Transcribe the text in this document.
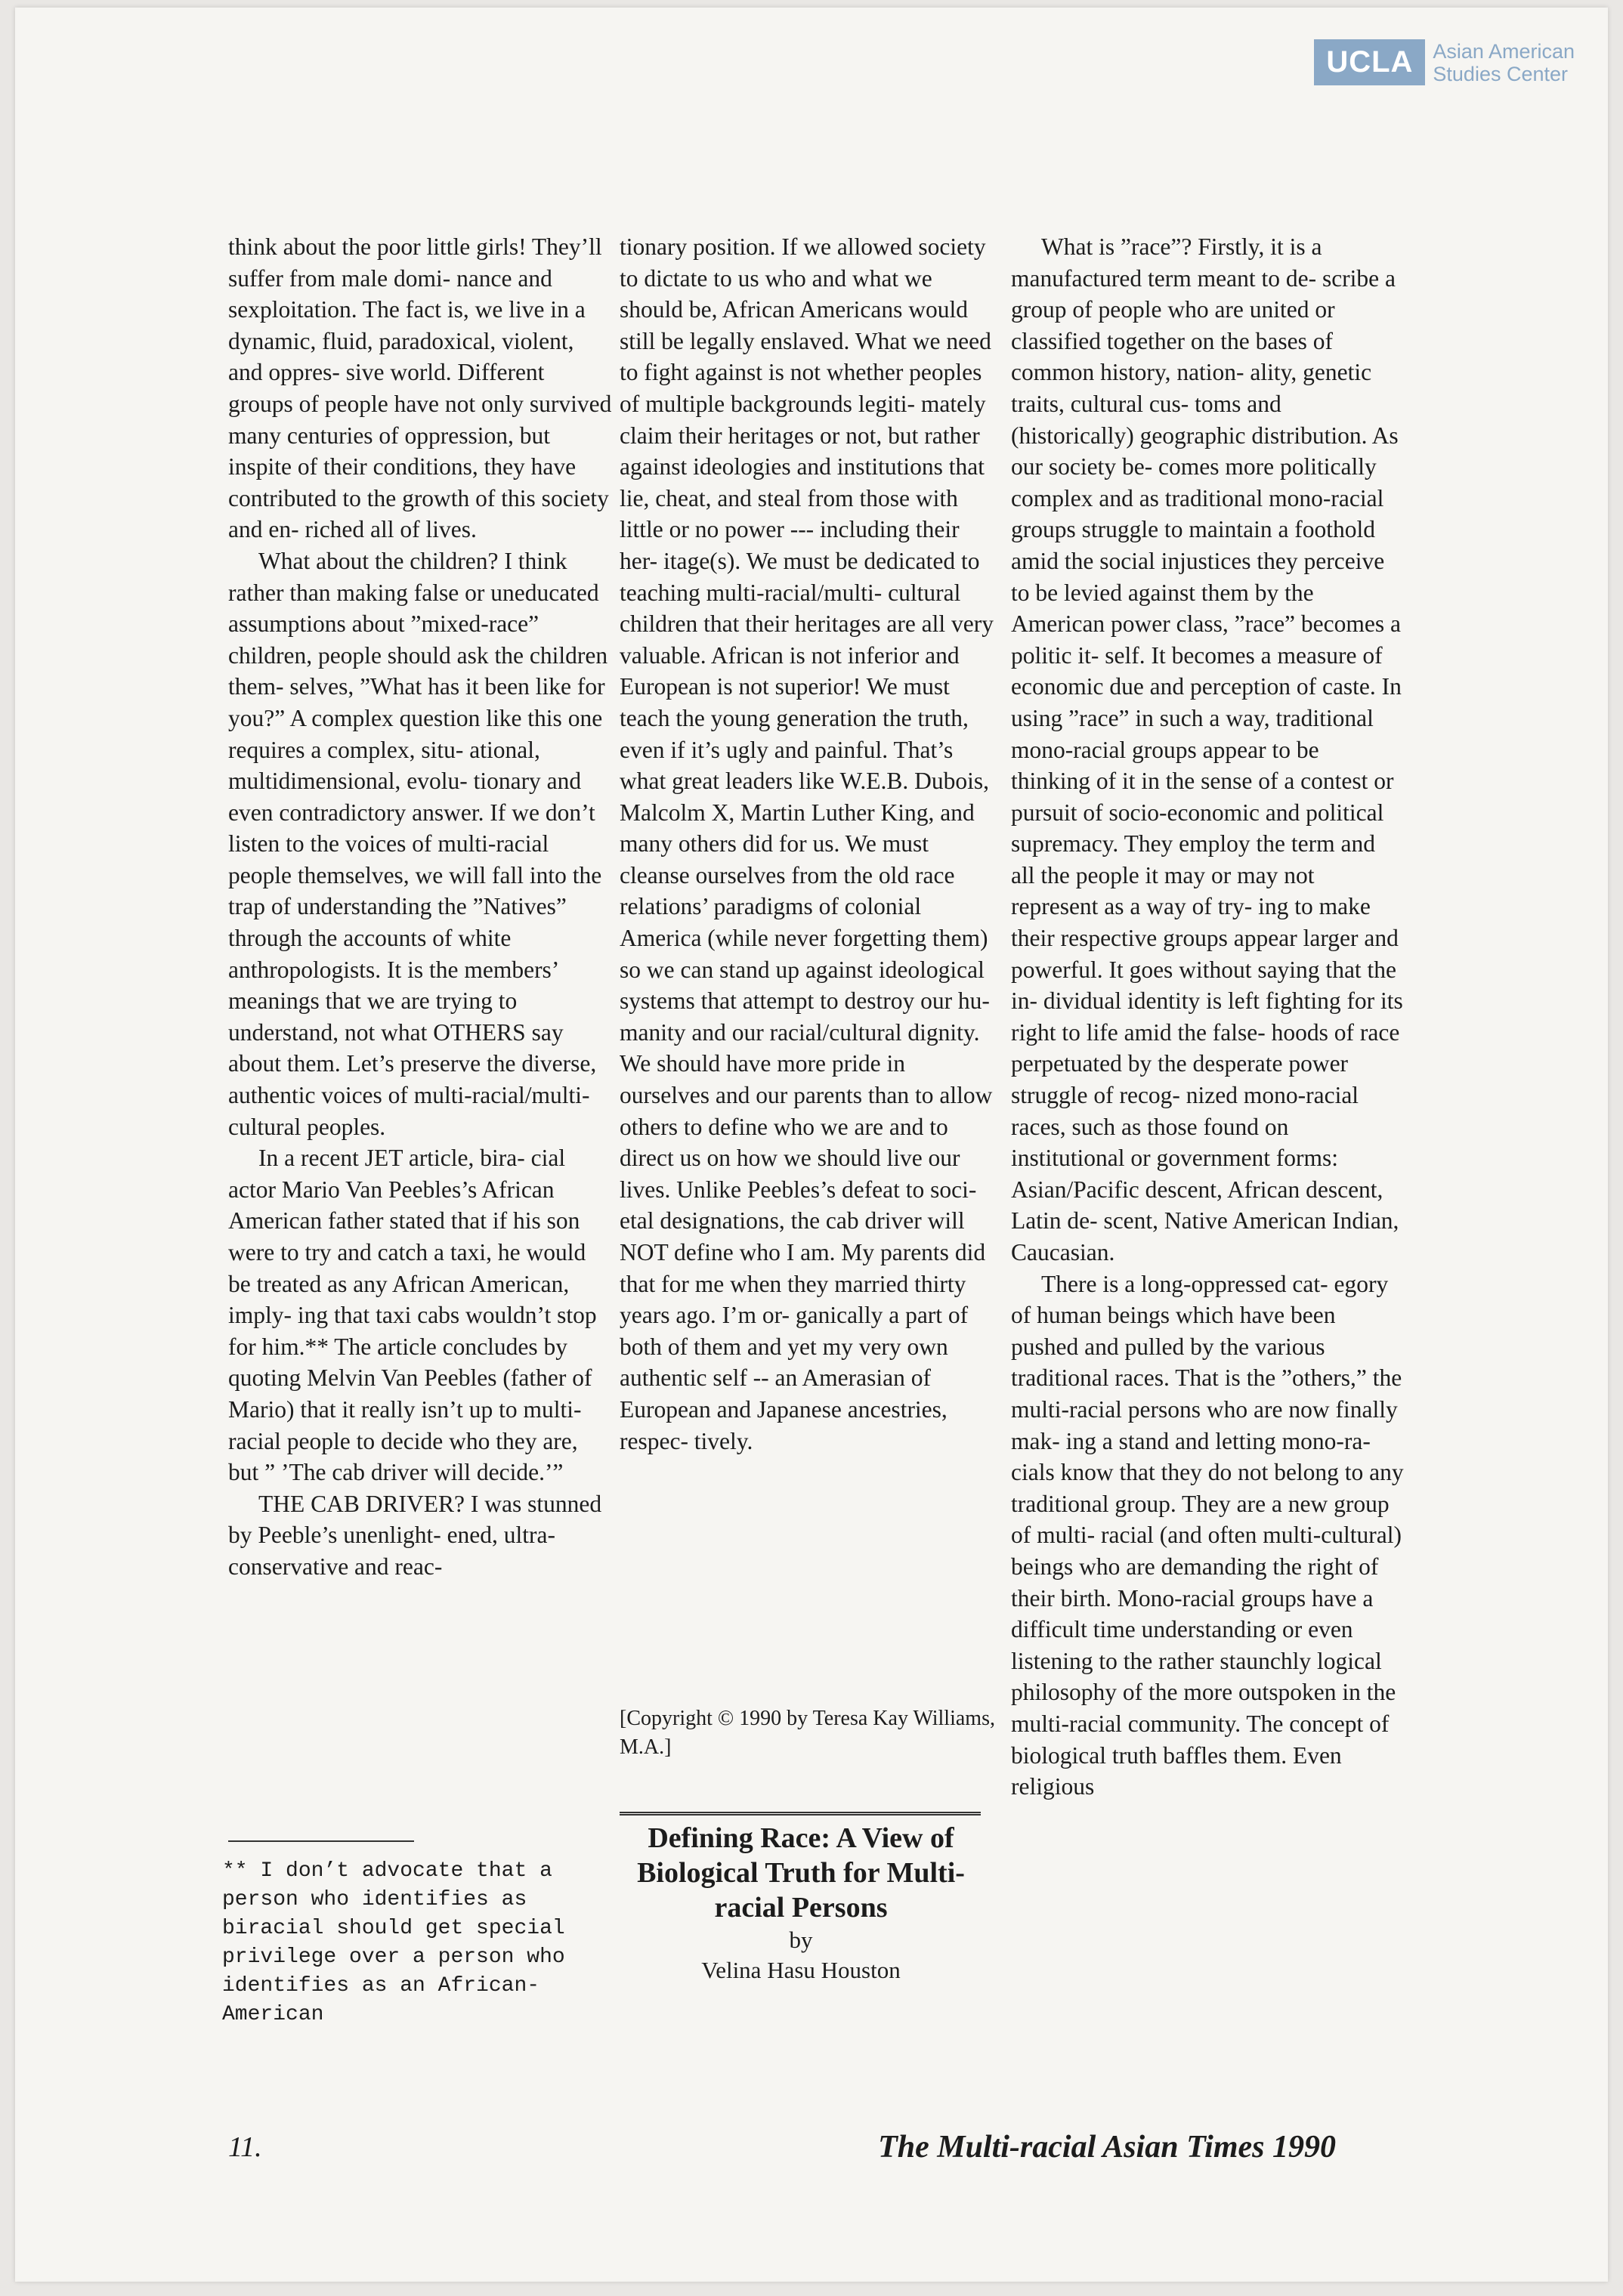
UCLA Asian American
Studies Center

think about the poor little girls! They’ll suffer from male domi- nance and sexploitation. The fact is, we live in a dynamic, fluid, paradoxical, violent, and oppres- sive world. Different groups of people have not only survived many centuries of oppression, but inspite of their conditions, they have contributed to the growth of this society and en- riched all of lives.

What about the children? I think rather than making false or uneducated assumptions about ”mixed-race” children, people should ask the children them- selves, ”What has it been like for you?” A complex question like this one requires a complex, situ- ational, multidimensional, evolu- tionary and even contradictory answer. If we don’t listen to the voices of multi-racial people themselves, we will fall into the trap of understanding the ”Natives” through the accounts of white anthropologists. It is the members’ meanings that we are trying to understand, not what OTHERS say about them. Let’s preserve the diverse, authentic voices of multi-racial/multi- cultural peoples.

In a recent JET article, bira- cial actor Mario Van Peebles’s African American father stated that if his son were to try and catch a taxi, he would be treated as any African American, imply- ing that taxi cabs wouldn’t stop for him.** The article concludes by quoting Melvin Van Peebles (father of Mario) that it really isn’t up to multi-racial people to decide who they are, but ” ’The cab driver will decide.’”

THE CAB DRIVER? I was stunned by Peeble’s unenlight- ened, ultra-conservative and reac-

tionary position. If we allowed society to dictate to us who and what we should be, African Americans would still be legally enslaved. What we need to fight against is not whether peoples of multiple backgrounds legiti- mately claim their heritages or not, but rather against ideologies and institutions that lie, cheat, and steal from those with little or no power --- including their her- itage(s). We must be dedicated to teaching multi-racial/multi- cultural children that their heritages are all very valuable. African is not inferior and European is not superior! We must teach the young generation the truth, even if it’s ugly and painful. That’s what great leaders like W.E.B. Dubois, Malcolm X, Martin Luther King, and many others did for us. We must cleanse ourselves from the old race relations’ paradigms of colonial America (while never forgetting them) so we can stand up against ideological systems that attempt to destroy our hu- manity and our racial/cultural dignity. We should have more pride in ourselves and our parents than to allow others to define who we are and to direct us on how we should live our lives. Unlike Peebles’s defeat to soci- etal designations, the cab driver will NOT define who I am. My parents did that for me when they married thirty years ago. I’m or- ganically a part of both of them and yet my very own authentic self -- an Amerasian of European and Japanese ancestries, respec- tively.

What is ”race”? Firstly, it is a manufactured term meant to de- scribe a group of people who are united or classified together on the bases of common history, nation- ality, genetic traits, cultural cus- toms and (historically) geographic distribution. As our society be- comes more politically complex and as traditional mono-racial groups struggle to maintain a foothold amid the social injustices they perceive to be levied against them by the American power class, ”race” becomes a politic it- self. It becomes a measure of economic due and perception of caste. In using ”race” in such a way, traditional mono-racial groups appear to be thinking of it in the sense of a contest or pursuit of socio-economic and political supremacy. They employ the term and all the people it may or may not represent as a way of try- ing to make their respective groups appear larger and powerful. It goes without saying that the in- dividual identity is left fighting for its right to life amid the false- hoods of race perpetuated by the desperate power struggle of recog- nized mono-racial races, such as those found on institutional or government forms: Asian/Pacific descent, African descent, Latin de- scent, Native American Indian, Caucasian.

There is a long-oppressed cat- egory of human beings which have been pushed and pulled by the various traditional races. That is the ”others,” the multi-racial persons who are now finally mak- ing a stand and letting mono-ra- cials know that they do not belong to any traditional group. They are a new group of multi- racial (and often multi-cultural) beings who are demanding the right of their birth. Mono-racial groups have a difficult time understanding or even listening to the rather staunchly logical philosophy of the more outspoken in the multi-racial community. The concept of biological truth baffles them. Even religious

** I don’t advocate that a person who identifies as biracial should get special privilege over a person who identifies as an African-American
[Copyright © 1990 by Teresa Kay Williams, M.A.]
Defining Race: A View of Biological Truth for Multi-racial Persons
by
Velina Hasu Houston
11.	The Multi-racial Asian Times 1990
